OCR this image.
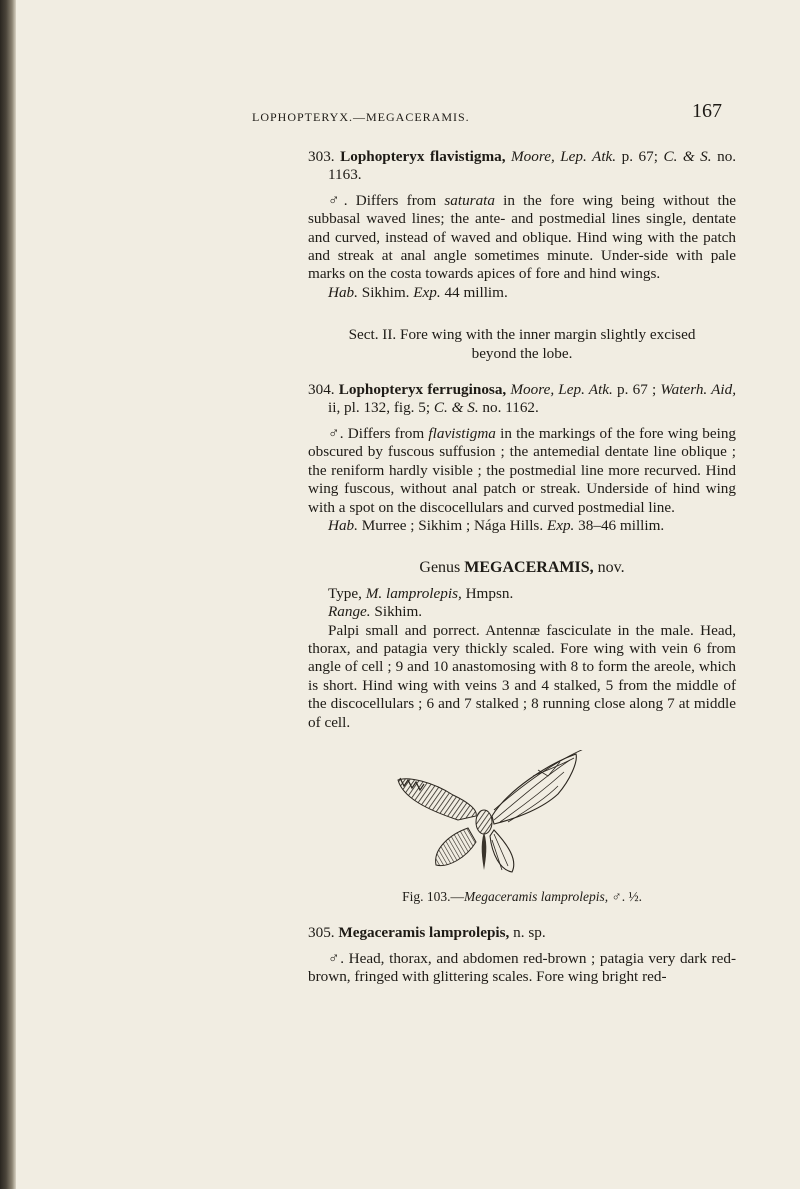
LOPHOPTERYX.—MEGACERAMIS.	167

303. Lophopteryx flavistigma, Moore, Lep. Atk. p. 67; C. & S. no. 1163.

♂. Differs from saturata in the fore wing being without the subbasal waved lines; the ante- and postmedial lines single, dentate and curved, instead of waved and oblique. Hind wing with the patch and streak at anal angle sometimes minute. Under-side with pale marks on the costa towards apices of fore and hind wings.

Hab. Sikhim. Exp. 44 millim.

Sect. II. Fore wing with the inner margin slightly excised beyond the lobe.

304. Lophopteryx ferruginosa, Moore, Lep. Atk. p. 67 ; Waterh. Aid, ii, pl. 132, fig. 5; C. & S. no. 1162.

♂. Differs from flavistigma in the markings of the fore wing being obscured by fuscous suffusion ; the antemedial dentate line oblique ; the reniform hardly visible ; the postmedial line more recurved. Hind wing fuscous, without anal patch or streak. Underside of hind wing with a spot on the discocellulars and curved postmedial line.

Hab. Murree ; Sikhim ; Nága Hills. Exp. 38–46 millim.

Genus MEGACERAMIS, nov.

Type, M. lamprolepis, Hmpsn.

Range. Sikhim.

Palpi small and porrect. Antennæ fasciculate in the male. Head, thorax, and patagia very thickly scaled. Fore wing with vein 6 from angle of cell ; 9 and 10 anastomosing with 8 to form the areole, which is short. Hind wing with veins 3 and 4 stalked, 5 from the middle of the discocellulars ; 6 and 7 stalked ; 8 running close along 7 at middle of cell.

Fig. 103.—Megaceramis lamprolepis, ♂. ½.

305. Megaceramis lamprolepis, n. sp.

♂. Head, thorax, and abdomen red-brown ; patagia very dark red-brown, fringed with glittering scales. Fore wing bright red-
